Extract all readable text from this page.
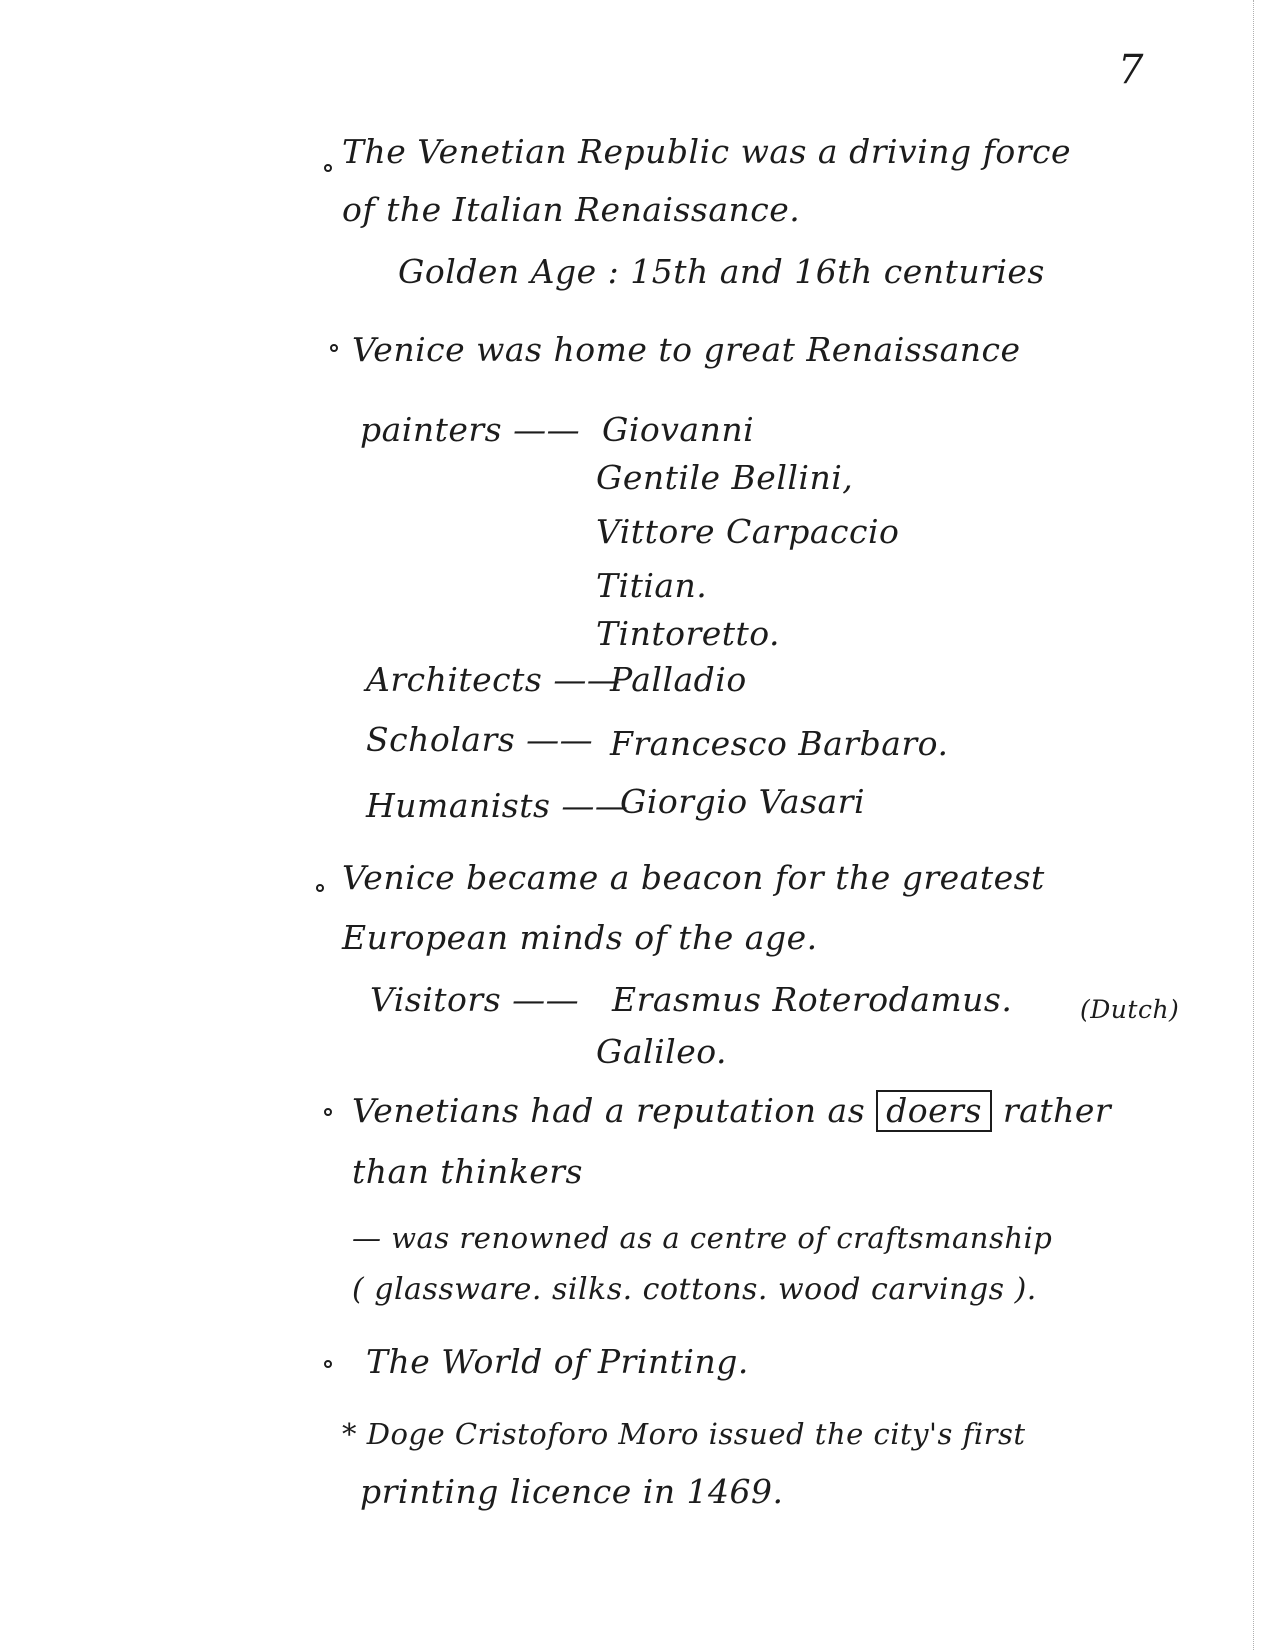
7
The Venetian Republic was a driving force
of the Italian Renaissance.
Golden Age : 15th and 16th centuries
Venice was home to great Renaissance
painters —— Giovanni
Gentile Bellini,
Vittore Carpaccio
Titian.
Tintoretto.
Architects ——
Palladio
Scholars —— Francesco Barbaro.
Humanists ——
Giorgio Vasari
Venice became a beacon for the greatest
European minds of the age.
Visitors —— Erasmus Roterodamus.	(Dutch)
Galileo.
Venetians had a reputation as doers rather
than thinkers
— was renowned as a centre of craftsmanship
( glassware. silks. cottons. wood carvings ).
The World of Printing.
* Doge Cristoforo Moro issued the city's first
printing licence in 1469.
